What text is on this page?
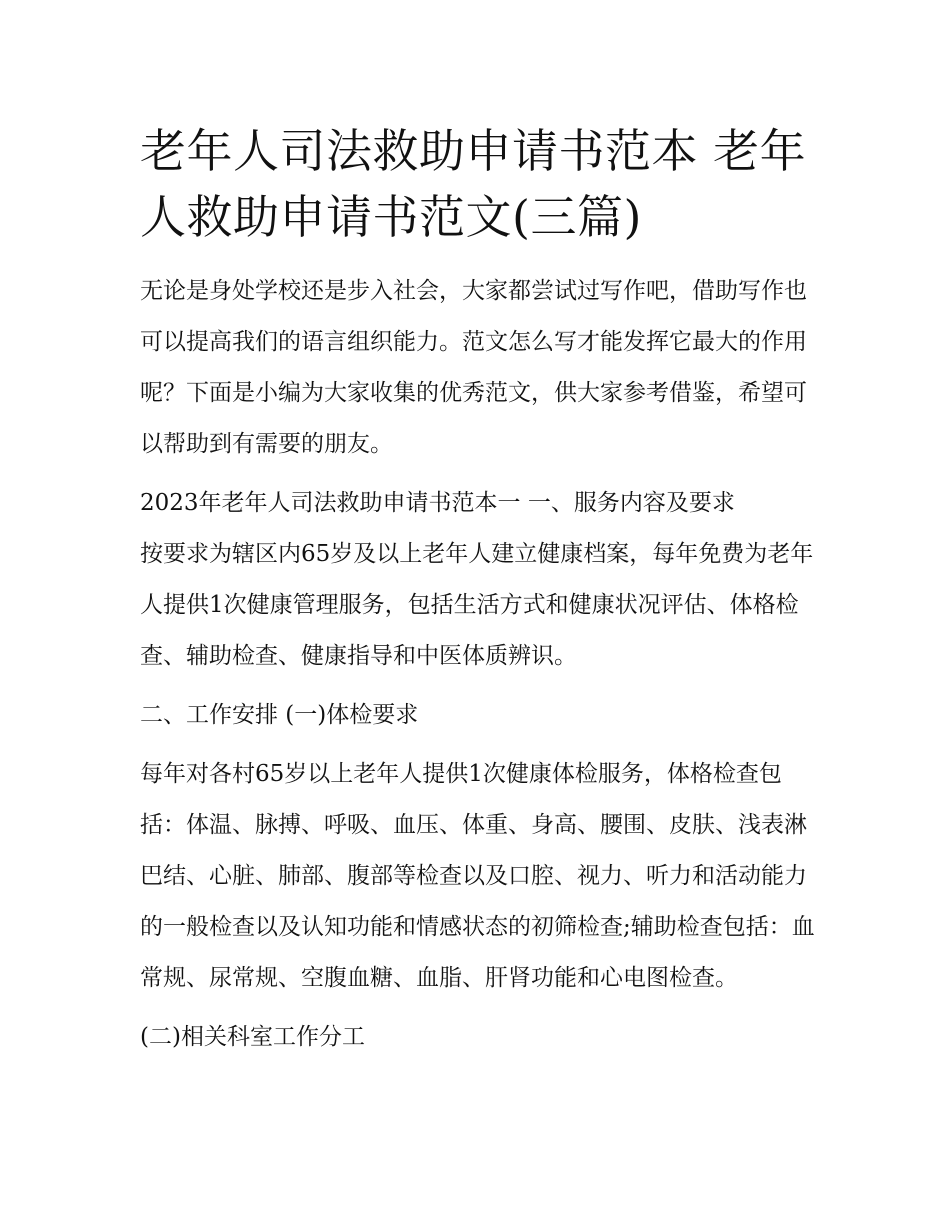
老年人司法救助申请书范本 老年人救助申请书范文(三篇)

无论是身处学校还是步入社会，大家都尝试过写作吧，借助写作也可以提高我们的语言组织能力。范文怎么写才能发挥它最大的作用呢？下面是小编为大家收集的优秀范文，供大家参考借鉴，希望可以帮助到有需要的朋友。

2023年老年人司法救助申请书范本一 一、服务内容及要求

按要求为辖区内65岁及以上老年人建立健康档案，每年免费为老年人提供1次健康管理服务，包括生活方式和健康状况评估、体格检查、辅助检查、健康指导和中医体质辨识。

二、工作安排 (一)体检要求

每年对各村65岁以上老年人提供1次健康体检服务，体格检查包括：体温、脉搏、呼吸、血压、体重、身高、腰围、皮肤、浅表淋巴结、心脏、肺部、腹部等检查以及口腔、视力、听力和活动能力的一般检查以及认知功能和情感状态的初筛检查;辅助检查包括：血常规、尿常规、空腹血糖、血脂、肝肾功能和心电图检查。

(二)相关科室工作分工
